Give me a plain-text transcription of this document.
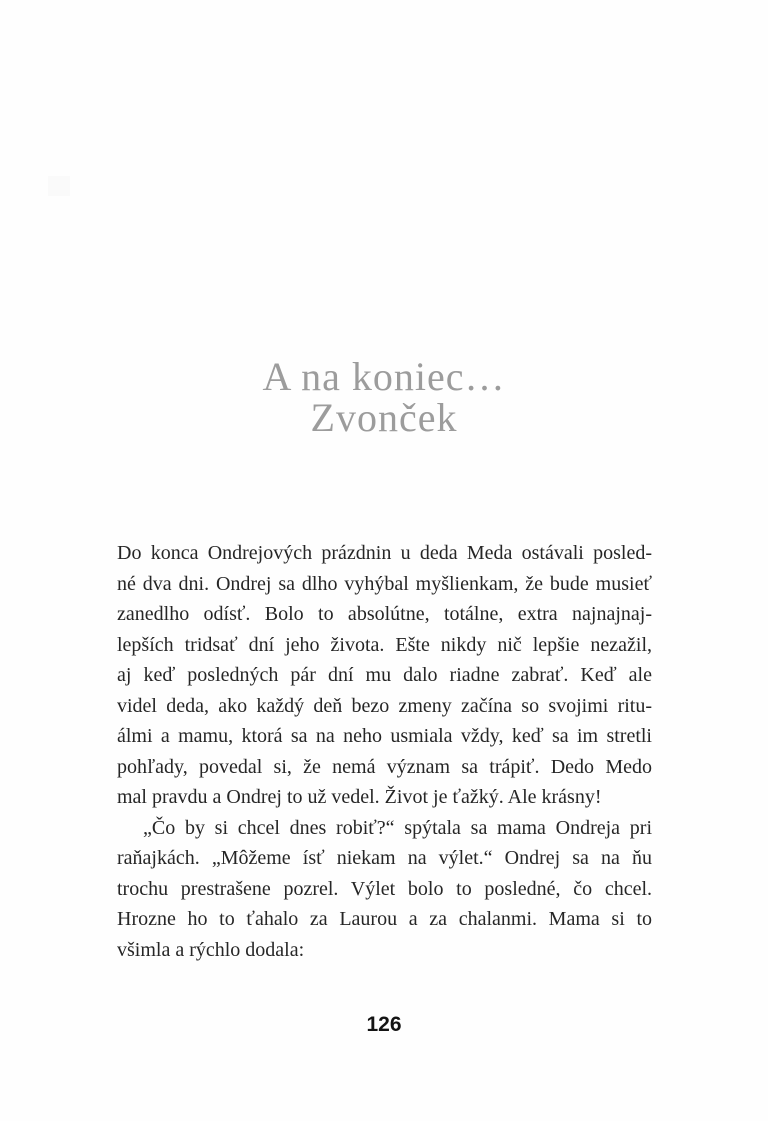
A na koniec…
Zvonček
Do konca Ondrejových prázdnin u deda Meda ostávali posled-
né dva dni. Ondrej sa dlho vyhýbal myšlienkam, že bude musieť
zanedlho odísť. Bolo to absolútne, totálne, extra najnajnaj-
lepších tridsať dní jeho života. Ešte nikdy nič lepšie nezažil,
aj keď posledných pár dní mu dalo riadne zabrať. Keď ale
videl deda, ako každý deň bezo zmeny začína so svojimi ritu-
álmi a mamu, ktorá sa na neho usmiala vždy, keď sa im stretli
pohľady, povedal si, že nemá význam sa trápiť. Dedo Medo
mal pravdu a Ondrej to už vedel. Život je ťažký. Ale krásny!
„Čo by si chcel dnes robiť?“ spýtala sa mama Ondreja pri
raňajkách. „Môžeme ísť niekam na výlet.“ Ondrej sa na ňu
trochu prestrašene pozrel. Výlet bolo to posledné, čo chcel.
Hrozne ho to ťahalo za Laurou a za chalanmi. Mama si to
všimla a rýchlo dodala:
126
